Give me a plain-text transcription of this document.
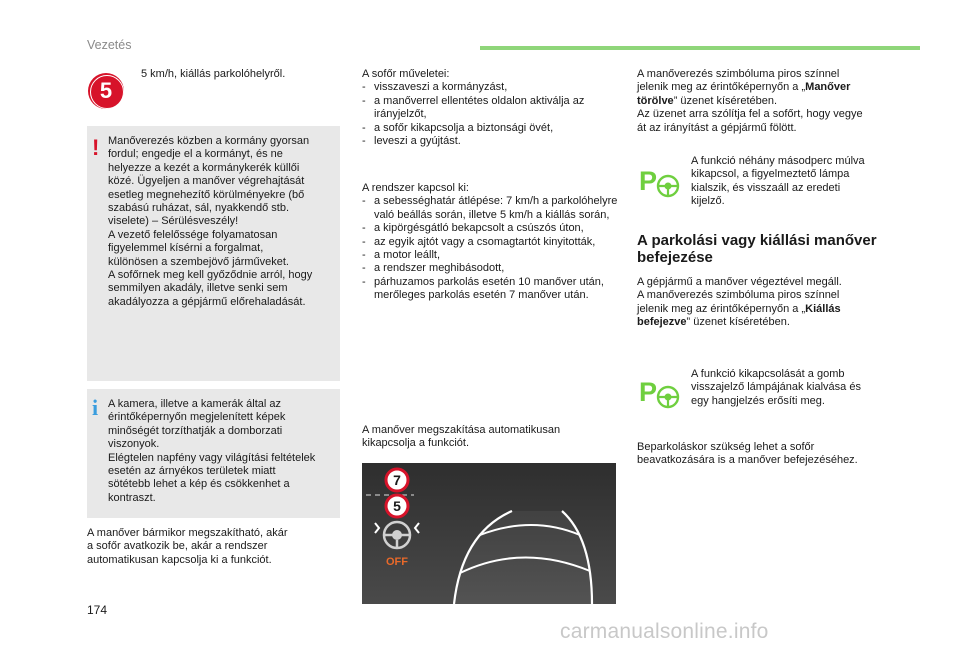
Vezetés
5
5 km/h, kiállás parkolóhelyről.
! Manőverezés közben a kormány gyorsan
fordul; engedje el a kormányt, és ne
helyezze a kezét a kormánykerék küllői
közé. Ügyeljen a manőver végrehajtását
esetleg megnehezítő körülményekre (bő
szabású ruházat, sál, nyakkendő stb.
viselete) – Sérülésveszély!
A vezető felelőssége folyamatosan
figyelemmel kísérni a forgalmat,
különösen a szembejövő járműveket.
A sofőrnek meg kell győződnie arról, hogy
semmilyen akadály, illetve senki sem
akadályozza a gépjármű előrehaladását.
i A kamera, illetve a kamerák által az
érintőképernyőn megjelenített képek
minőségét torzíthatják a domborzati
viszonyok.
Elégtelen napfény vagy világítási feltételek
esetén az árnyékos területek miatt
sötétebb lehet a kép és csökkenhet a
kontraszt.
A manőver bármikor megszakítható, akár
a sofőr avatkozik be, akár a rendszer
automatikusan kapcsolja ki a funkciót.
A sofőr műveletei:
- visszaveszi a kormányzást,
- a manőverrel ellentétes oldalon aktiválja az irányjelzőt,
- a sofőr kikapcsolja a biztonsági övét,
- leveszi a gyújtást.
A rendszer kapcsol ki:
- a sebességhatár átlépése: 7 km/h a parkolóhelyre való beállás során, illetve 5 km/h a kiállás során,
- a kipörgésgátló bekapcsolt a csúszós úton,
- az egyik ajtót vagy a csomagtartót kinyitották,
- a motor leállt,
- a rendszer meghibásodott,
- párhuzamos parkolás esetén 10 manőver után, merőleges parkolás esetén 7 manőver után.
A manőver megszakítása automatikusan
kikapcsolja a funkciót.
7
5
OFF
A manőverezés szimbóluma piros színnel
jelenik meg az érintőképernyőn a „Manőver
törölve” üzenet kíséretében.
Az üzenet arra szólítja fel a sofőrt, hogy vegye
át az irányítást a gépjármű fölött.
P
A funkció néhány másodperc múlva
kikapcsol, a figyelmeztető lámpa
kialszik, és visszaáll az eredeti
kijelző.
A parkolási vagy kiállási manőver
befejezése
A gépjármű a manőver végeztével megáll.
A manőverezés szimbóluma piros színnel
jelenik meg az érintőképernyőn a „Kiállás
befejezve” üzenet kíséretében.
P
A funkció kikapcsolását a gomb
visszajelző lámpájának kialvása és
egy hangjelzés erősíti meg.
Beparkoláskor szükség lehet a sofőr
beavatkozására is a manőver befejezéséhez.
174
carmanualsonline.info
